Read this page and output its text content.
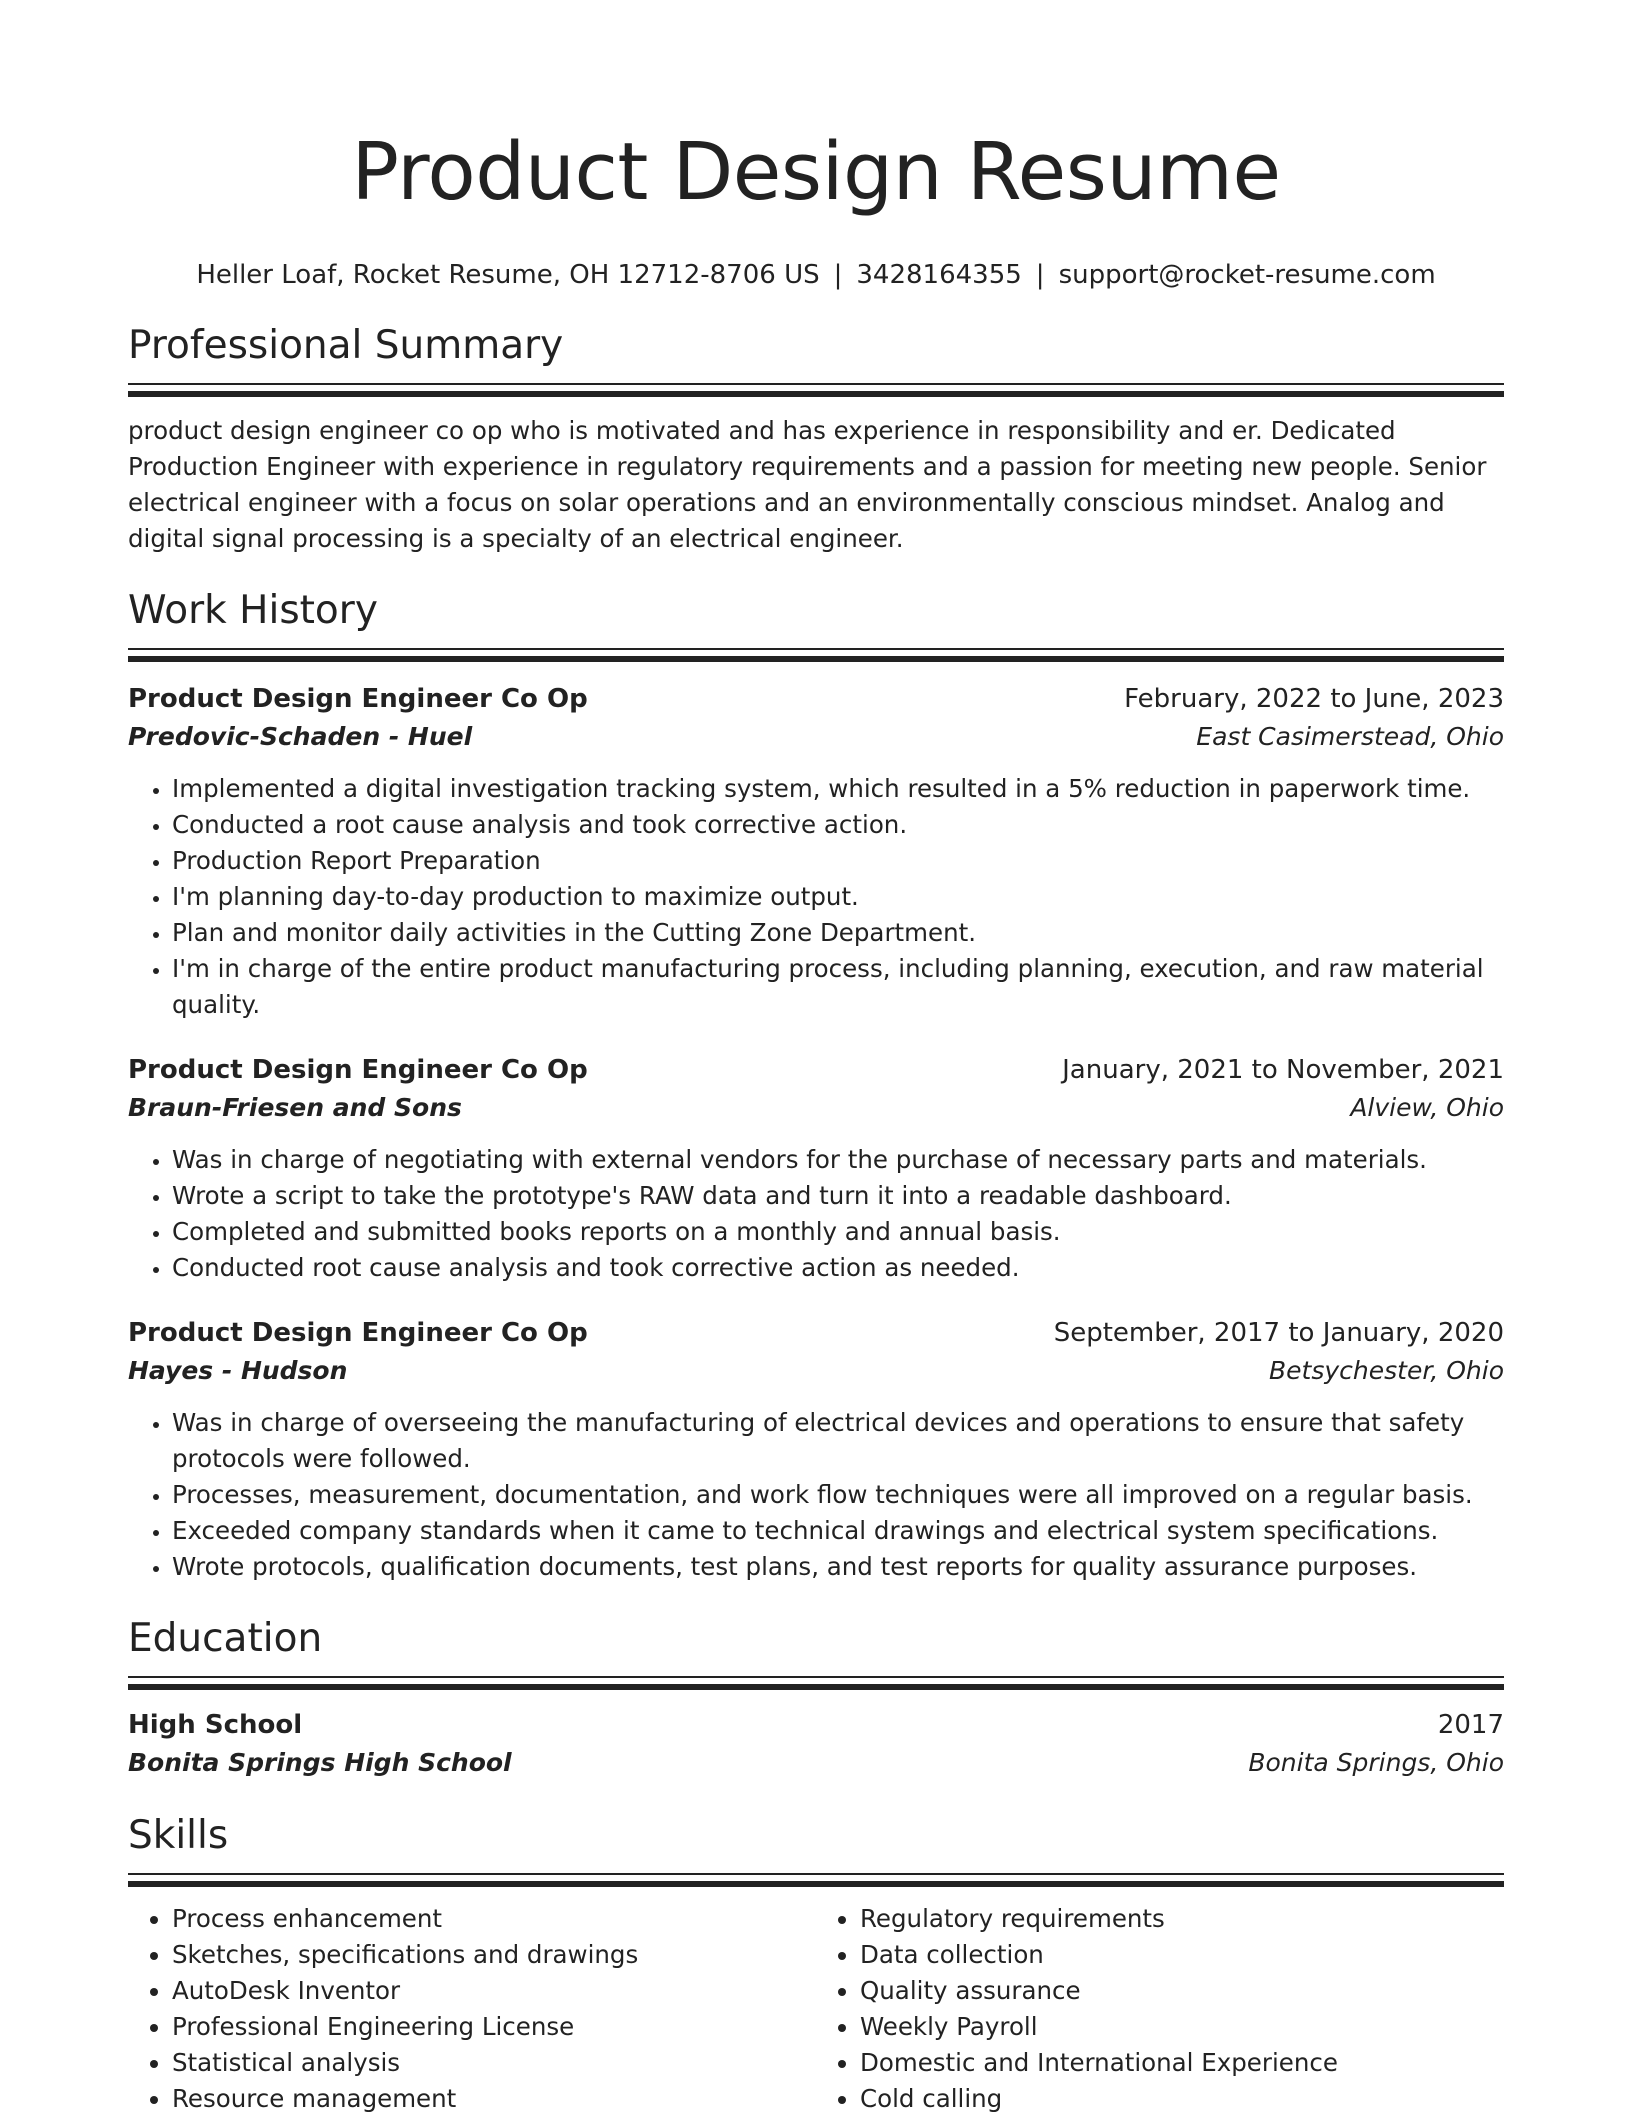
Product Design Resume
Heller Loaf, Rocket Resume, OH 12712-8706 US | 3428164355 | support@rocket-resume.com
Professional Summary

product design engineer co op who is motivated and has experience in responsibility and er. Dedicated Production Engineer with experience in regulatory requirements and a passion for meeting new people. Senior electrical engineer with a focus on solar operations and an environmentally conscious mindset. Analog and digital signal processing is a specialty of an electrical engineer.

Work History
Product Design Engineer Co Op	February, 2022 to June, 2023
Predovic-Schaden - Huel	East Casimerstead, Ohio
• Implemented a digital investigation tracking system, which resulted in a 5% reduction in paperwork time.
• Conducted a root cause analysis and took corrective action.
• Production Report Preparation
• I'm planning day-to-day production to maximize output.
• Plan and monitor daily activities in the Cutting Zone Department.
• I'm in charge of the entire product manufacturing process, including planning, execution, and raw material quality.
Product Design Engineer Co Op	January, 2021 to November, 2021
Braun-Friesen and Sons	Alview, Ohio
• Was in charge of negotiating with external vendors for the purchase of necessary parts and materials.
• Wrote a script to take the prototype's RAW data and turn it into a readable dashboard.
• Completed and submitted books reports on a monthly and annual basis.
• Conducted root cause analysis and took corrective action as needed.
Product Design Engineer Co Op	September, 2017 to January, 2020
Hayes - Hudson	Betsychester, Ohio
• Was in charge of overseeing the manufacturing of electrical devices and operations to ensure that safety protocols were followed.
• Processes, measurement, documentation, and work flow techniques were all improved on a regular basis.
• Exceeded company standards when it came to technical drawings and electrical system specifications.
• Wrote protocols, qualification documents, test plans, and test reports for quality assurance purposes.
Education
High School	2017
Bonita Springs High School	Bonita Springs, Ohio
Skills
• Process enhancement
• Sketches, specifications and drawings
• AutoDesk Inventor
• Professional Engineering License
• Statistical analysis
• Resource management
• Regulatory requirements
• Data collection
• Quality assurance
• Weekly Payroll
• Domestic and International Experience
• Cold calling
